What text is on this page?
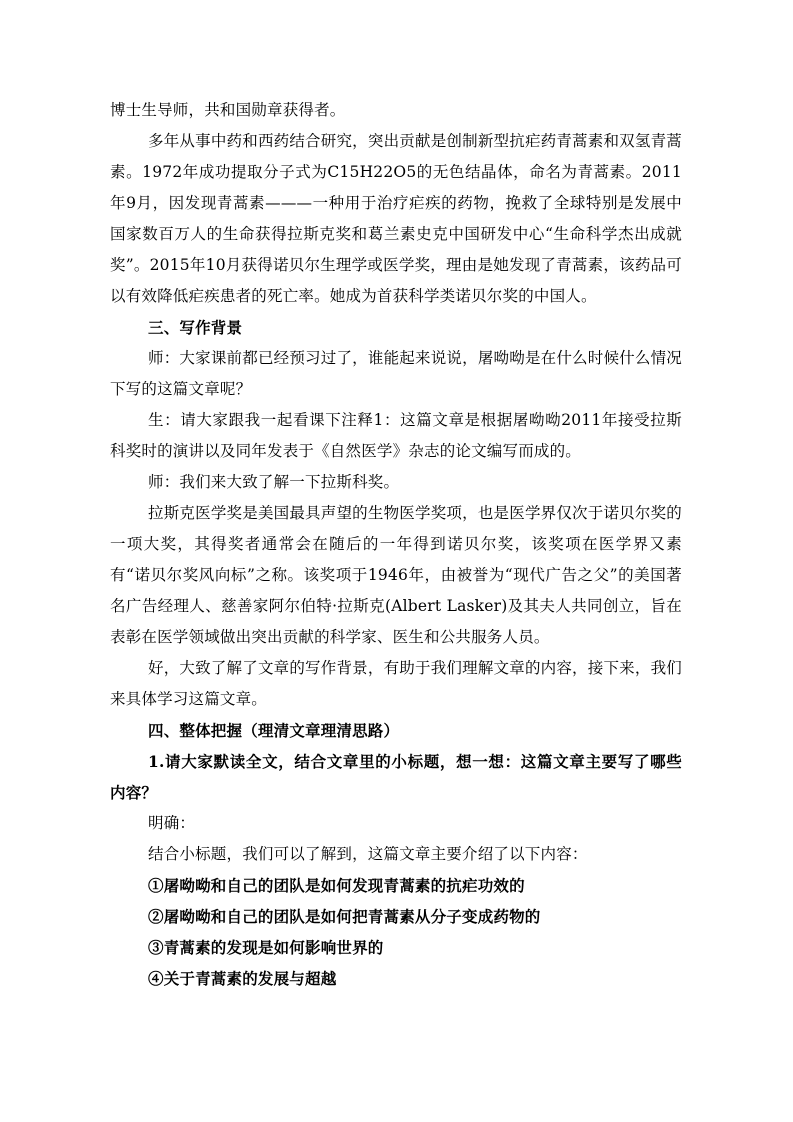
博士生导师，共和国勋章获得者。

多年从事中药和西药结合研究，突出贡献是创制新型抗疟药青蒿素和双氢青蒿素。1972年成功提取分子式为C15H22O5的无色结晶体，命名为青蒿素。2011年9月，因发现青蒿素———一种用于治疗疟疾的药物，挽救了全球特别是发展中国家数百万人的生命获得拉斯克奖和葛兰素史克中国研发中心“生命科学杰出成就奖”。2015年10月获得诺贝尔生理学或医学奖，理由是她发现了青蒿素，该药品可以有效降低疟疾患者的死亡率。她成为首获科学类诺贝尔奖的中国人。

三、写作背景

师：大家课前都已经预习过了，谁能起来说说，屠呦呦是在什么时候什么情况下写的这篇文章呢？

生：请大家跟我一起看课下注释1：这篇文章是根据屠呦呦2011年接受拉斯科奖时的演讲以及同年发表于《自然医学》杂志的论文编写而成的。

师：我们来大致了解一下拉斯科奖。

拉斯克医学奖是美国最具声望的生物医学奖项，也是医学界仅次于诺贝尔奖的一项大奖，其得奖者通常会在随后的一年得到诺贝尔奖，该奖项在医学界又素有“诺贝尔奖风向标”之称。该奖项于1946年，由被誉为“现代广告之父”的美国著名广告经理人、慈善家阿尔伯特·拉斯克(Albert Lasker)及其夫人共同创立，旨在表彰在医学领域做出突出贡献的科学家、医生和公共服务人员。

好，大致了解了文章的写作背景，有助于我们理解文章的内容，接下来，我们来具体学习这篇文章。

四、整体把握（理清文章理清思路）

1.请大家默读全文，结合文章里的小标题，想一想：这篇文章主要写了哪些内容？

明确：

结合小标题，我们可以了解到，这篇文章主要介绍了以下内容：

①屠呦呦和自己的团队是如何发现青蒿素的抗疟功效的

②屠呦呦和自己的团队是如何把青蒿素从分子变成药物的

③青蒿素的发现是如何影响世界的

④关于青蒿素的发展与超越
